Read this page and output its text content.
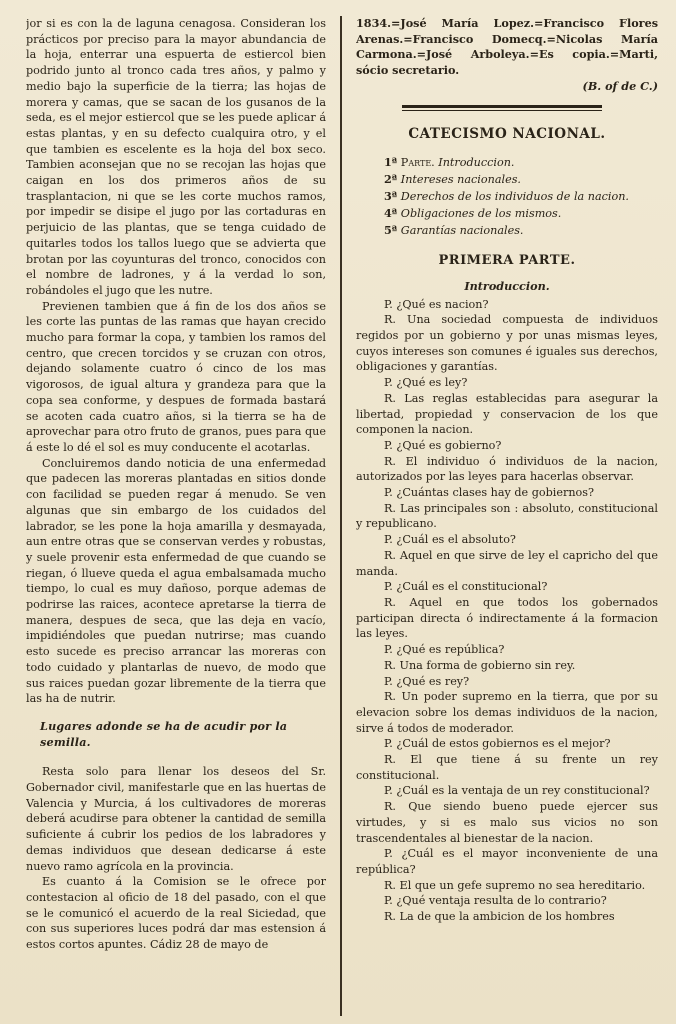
jor si es con la de laguna cenagosa. Consideran los prácticos por preciso para la mayor abundancia de la hoja, enterrar una espuerta de estiercol bien podrido junto al tronco cada tres años, y palmo y medio bajo la superficie de la tierra; las hojas de morera y camas, que se sacan de los gusanos de la seda, es el mejor estiercol que se les puede aplicar á estas plantas, y en su defecto cualquira otro, y el que tambien es escelente es la hoja del box seco. Tambien aconsejan que no se recojan las hojas que caigan en los dos primeros años de su trasplantacion, ni que se les corte muchos ramos, por impedir se disipe el jugo por las cortaduras en perjuicio de las plantas, que se tenga cuidado de quitarles todos los tallos luego que se advierta que brotan por las coyunturas del tronco, conocidos con el nombre de ladrones, y á la verdad lo son, robándoles el jugo que les nutre.

Previenen tambien que á fin de los dos años se les corte las puntas de las ramas que hayan crecido mucho para formar la copa, y tambien los ramos del centro, que crecen torcidos y se cruzan con otros, dejando solamente cuatro ó cinco de los mas vigorosos, de igual altura y grandeza para que la copa sea conforme, y despues de formada bastará se acoten cada cuatro años, si la tierra se ha de aprovechar para otro fruto de granos, pues para que á este lo dé el sol es muy conducente el acotarlas.

Concluiremos dando noticia de una enfermedad que padecen las moreras plantadas en sitios donde con facilidad se pueden regar á menudo. Se ven algunas que sin embargo de los cuidados del labrador, se les pone la hoja amarilla y desmayada, aun entre otras que se conservan verdes y robustas, y suele provenir esta enfermedad de que cuando se riegan, ó llueve queda el agua embalsamada mucho tiempo, lo cual es muy dañoso, porque ademas de podrirse las raices, acontece apretarse la tierra de manera, despues de seca, que las deja en vacío, impidiéndoles que puedan nutrirse; mas cuando esto sucede es preciso arrancar las moreras con todo cuidado y plantarlas de nuevo, de modo que sus raices puedan gozar libremente de la tierra que las ha de nutrir.

Lugares adonde se ha de acudir por la semilla.

Resta solo para llenar los deseos del Sr. Gobernador civil, manifestarle que en las huertas de Valencia y Murcia, á los cultivadores de moreras deberá acudirse para obtener la cantidad de semilla suficiente á cubrir los pedios de los labradores y demas individuos que desean dedicarse á este nuevo ramo agrícola en la provincia.

Es cuanto á la Comision se le ofrece por contestacion al oficio de 18 del pasado, con el que se le comunicó el acuerdo de la real Siciedad, que con sus superiores luces podrá dar mas estension á estos cortos apuntes. Cádiz 28 de mayo de

1834.=José María Lopez.=Francisco Flores Arenas.=Francisco Domecq.=Nicolas María Carmona.=José Arboleya.=Es copia.=Marti, sócio secretario.

(B. of de C.)

CATECISMO NACIONAL.
1ª Parte. Introduccion.
2ª Intereses nacionales.
3ª Derechos de los individuos de la nacion.
4ª Obligaciones de los mismos.
5ª Garantías nacionales.
PRIMERA PARTE.
Introduccion.

P. ¿Qué es nacion?

R. Una sociedad compuesta de individuos regidos por un gobierno y por unas mismas leyes, cuyos intereses son comunes é iguales sus derechos, obligaciones y garantías.

P. ¿Qué es ley?

R. Las reglas establecidas para asegurar la libertad, propiedad y conservacion de los que componen la nacion.

P. ¿Qué es gobierno?

R. El individuo ó individuos de la nacion, autorizados por las leyes para hacerlas observar.

P. ¿Cuántas clases hay de gobiernos?

R. Las principales son : absoluto, constitucional y republicano.

P. ¿Cuál es el absoluto?

R. Aquel en que sirve de ley el capricho del que manda.

P. ¿Cuál es el constitucional?

R. Aquel en que todos los gobernados participan directa ó indirectamente á la formacion las leyes.

P. ¿Qué es república?

R. Una forma de gobierno sin rey.

P. ¿Qué es rey?

R. Un poder supremo en la tierra, que por su elevacion sobre los demas individuos de la nacion, sirve á todos de moderador.

P. ¿Cuál de estos gobiernos es el mejor?

R. El que tiene á su frente un rey constitucional.

P. ¿Cuál es la ventaja de un rey constitucional?

R. Que siendo bueno puede ejercer sus virtudes, y si es malo sus vicios no son trascendentales al bienestar de la nacion.

P. ¿Cuál es el mayor inconveniente de una república?

R. El que un gefe supremo no sea hereditario.

P. ¿Qué ventaja resulta de lo contrario?

R. La de que la ambicion de los hombres
